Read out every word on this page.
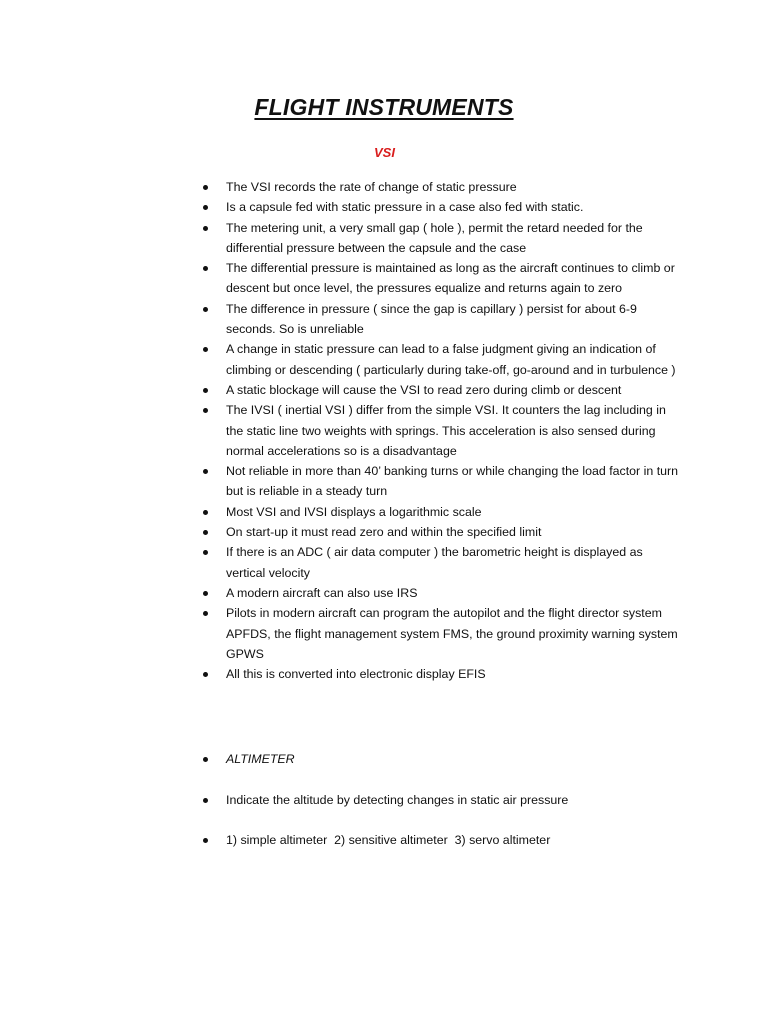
FLIGHT INSTRUMENTS
VSI
The VSI records the rate of change of static pressure
Is a capsule fed with static pressure in a case also fed with static.
The metering unit, a very small gap ( hole ), permit the retard needed for the differential pressure between the capsule and the case
The differential pressure is maintained as long as the aircraft continues to climb or descent but once level, the pressures equalize and returns again to zero
The difference in pressure ( since the gap is capillary ) persist for about 6-9 seconds. So is unreliable
A change in static pressure can lead to a false judgment giving an indication of climbing or descending ( particularly during take-off, go-around and in turbulence )
A static blockage will cause the VSI to read zero during climb or descent
The IVSI ( inertial VSI ) differ from the simple VSI. It counters the lag including in the static line two weights with springs. This acceleration is also sensed during normal accelerations so is a disadvantage
Not reliable in more than 40’ banking turns or while changing the load factor in turn but is reliable in a steady turn
Most VSI and IVSI displays a logarithmic scale
On start-up it must read zero and within the specified limit
If there is an ADC ( air data computer ) the barometric height is displayed as vertical velocity
A modern aircraft can also use IRS
Pilots in modern aircraft can program the autopilot and the flight director system APFDS, the flight management system FMS, the ground proximity warning system GPWS
All this is converted into electronic display EFIS
ALTIMETER
Indicate the altitude by detecting changes in static air pressure
1) simple altimeter  2) sensitive altimeter  3) servo altimeter
